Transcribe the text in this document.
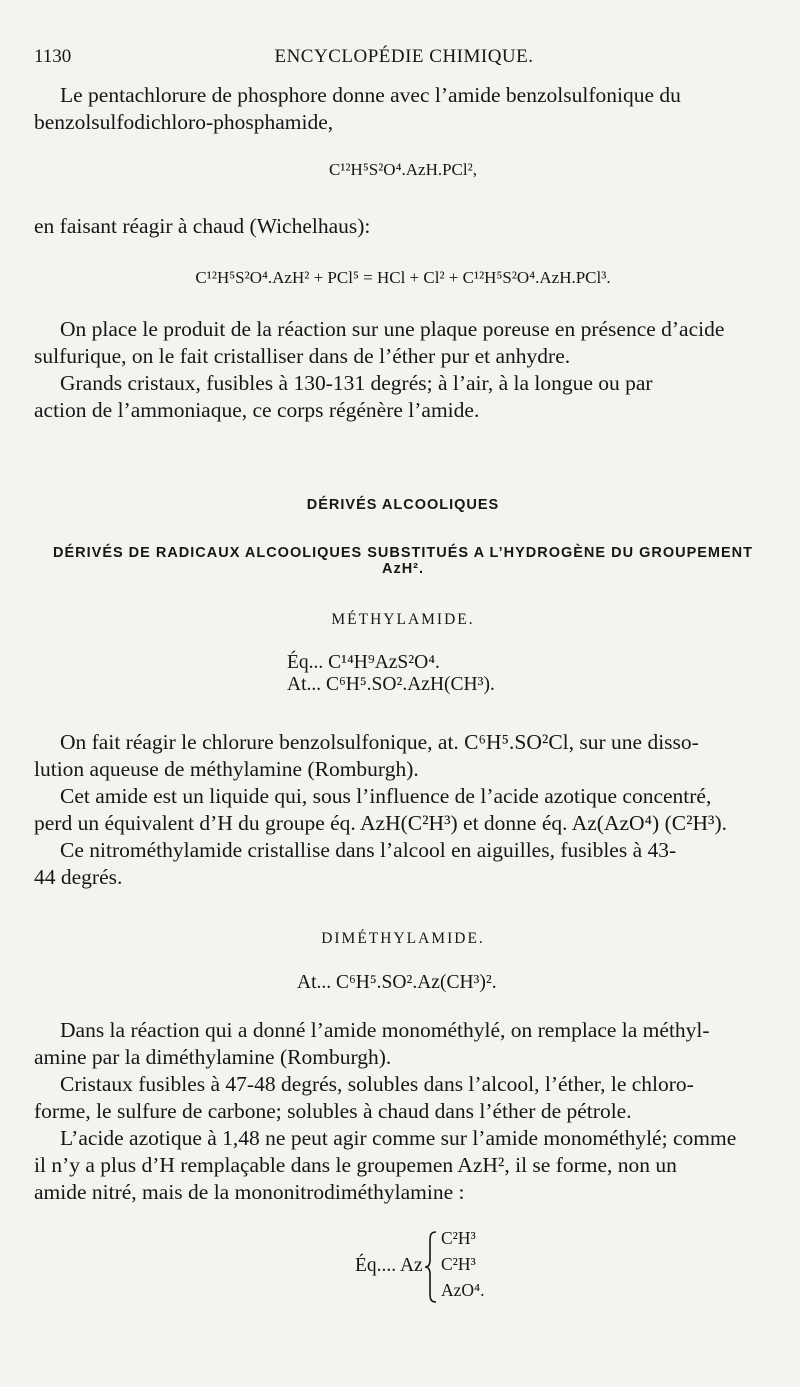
1130	ENCYCLOPÉDIE CHIMIQUE.
Le pentachlorure de phosphore donne avec l’amide benzolsulfonique du
benzolsulfodichloro-phosphamide,

C¹²H⁵S²O⁴.AzH.PCl²,

en faisant réagir à chaud (Wichelhaus):

C¹²H⁵S²O⁴.AzH² + PCl⁵ = HCl + Cl² + C¹²H⁵S²O⁴.AzH.PCl³.

On place le produit de la réaction sur une plaque poreuse en présence d’acide
sulfurique, on le fait cristalliser dans de l’éther pur et anhydre.
Grands cristaux, fusibles à 130-131 degrés; à l’air, à la longue ou par
action de l’ammoniaque, ce corps régénère l’amide.

DÉRIVÉS ALCOOLIQUES

DÉRIVÉS DE RADICAUX ALCOOLIQUES SUBSTITUÉS A L’HYDROGÈNE DU GROUPEMENT AzH².

MÉTHYLAMIDE.

Éq... C¹⁴H⁹AzS²O⁴.

At... C⁶H⁵.SO².AzH(CH³).

On fait réagir le chlorure benzolsulfonique, at. C⁶H⁵.SO²Cl, sur une disso-
lution aqueuse de méthylamine (Romburgh).
Cet amide est un liquide qui, sous l’influence de l’acide azotique concentré,
perd un équivalent d’H du groupe éq. AzH(C²H³) et donne éq. Az(AzO⁴) (C²H³).
Ce nitrométhylamide cristallise dans l’alcool en aiguilles, fusibles à 43-
44 degrés.

DIMÉTHYLAMIDE.

At... C⁶H⁵.SO².Az(CH³)².

Dans la réaction qui a donné l’amide monométhylé, on remplace la méthyl-
amine par la diméthylamine (Romburgh).
Cristaux fusibles à 47-48 degrés, solubles dans l’alcool, l’éther, le chloro-
forme, le sulfure de carbone; solubles à chaud dans l’éther de pétrole.
L’acide azotique à 1,48 ne peut agir comme sur l’amide monométhylé; comme
il n’y a plus d’H remplaçable dans le groupemen AzH², il se forme, non un
amide nitré, mais de la mononitrodiméthylamine :
Éq.... Az
C²H³
C²H³
AzO⁴.
